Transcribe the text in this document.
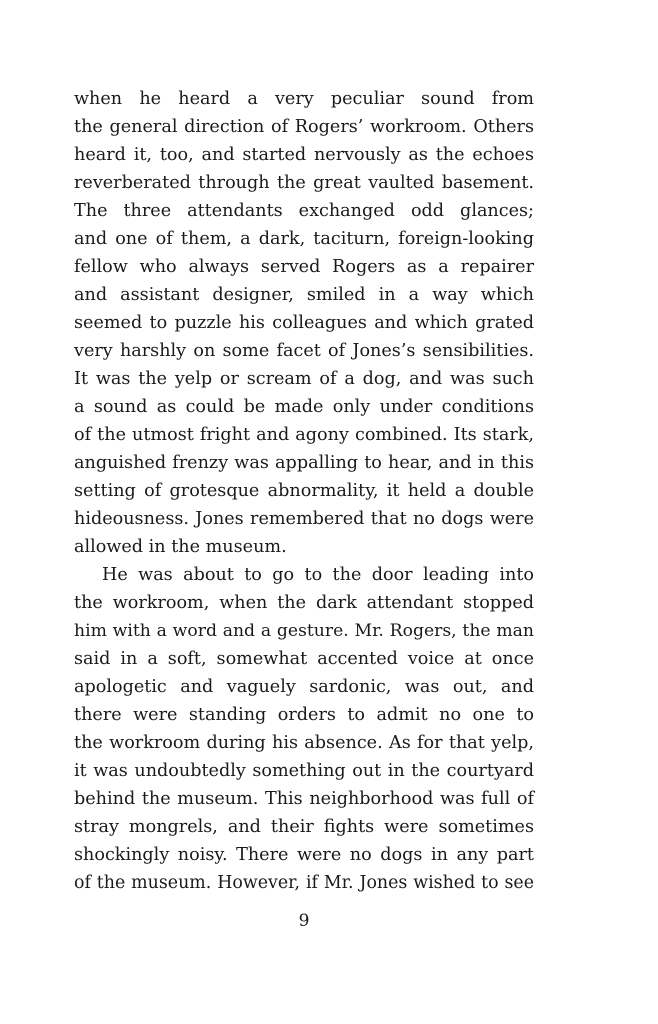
when he heard a very peculiar sound from
the general direction of Rogers’ workroom. Others
heard it, too, and started nervously as the echoes
reverberated through the great vaulted basement.
The three attendants exchanged odd glances;
and one of them, a dark, taciturn, foreign-looking
fellow who always served Rogers as a repairer
and assistant designer, smiled in a way which
seemed to puzzle his colleagues and which grated
very harshly on some facet of Jones’s sensibilities.
It was the yelp or scream of a dog, and was such
a sound as could be made only under conditions
of the utmost fright and agony combined. Its stark,
anguished frenzy was appalling to hear, and in this
setting of grotesque abnormality, it held a double
hideousness. Jones remembered that no dogs were
allowed in the museum.
He was about to go to the door leading into
the workroom, when the dark attendant stopped
him with a word and a gesture. Mr. Rogers, the man
said in a soft, somewhat accented voice at once
apologetic and vaguely sardonic, was out, and
there were standing orders to admit no one to
the workroom during his absence. As for that yelp,
it was undoubtedly something out in the courtyard
behind the museum. This neighborhood was full of
stray mongrels, and their fights were sometimes
shockingly noisy. There were no dogs in any part
of the museum. However, if Mr. Jones wished to see
9
